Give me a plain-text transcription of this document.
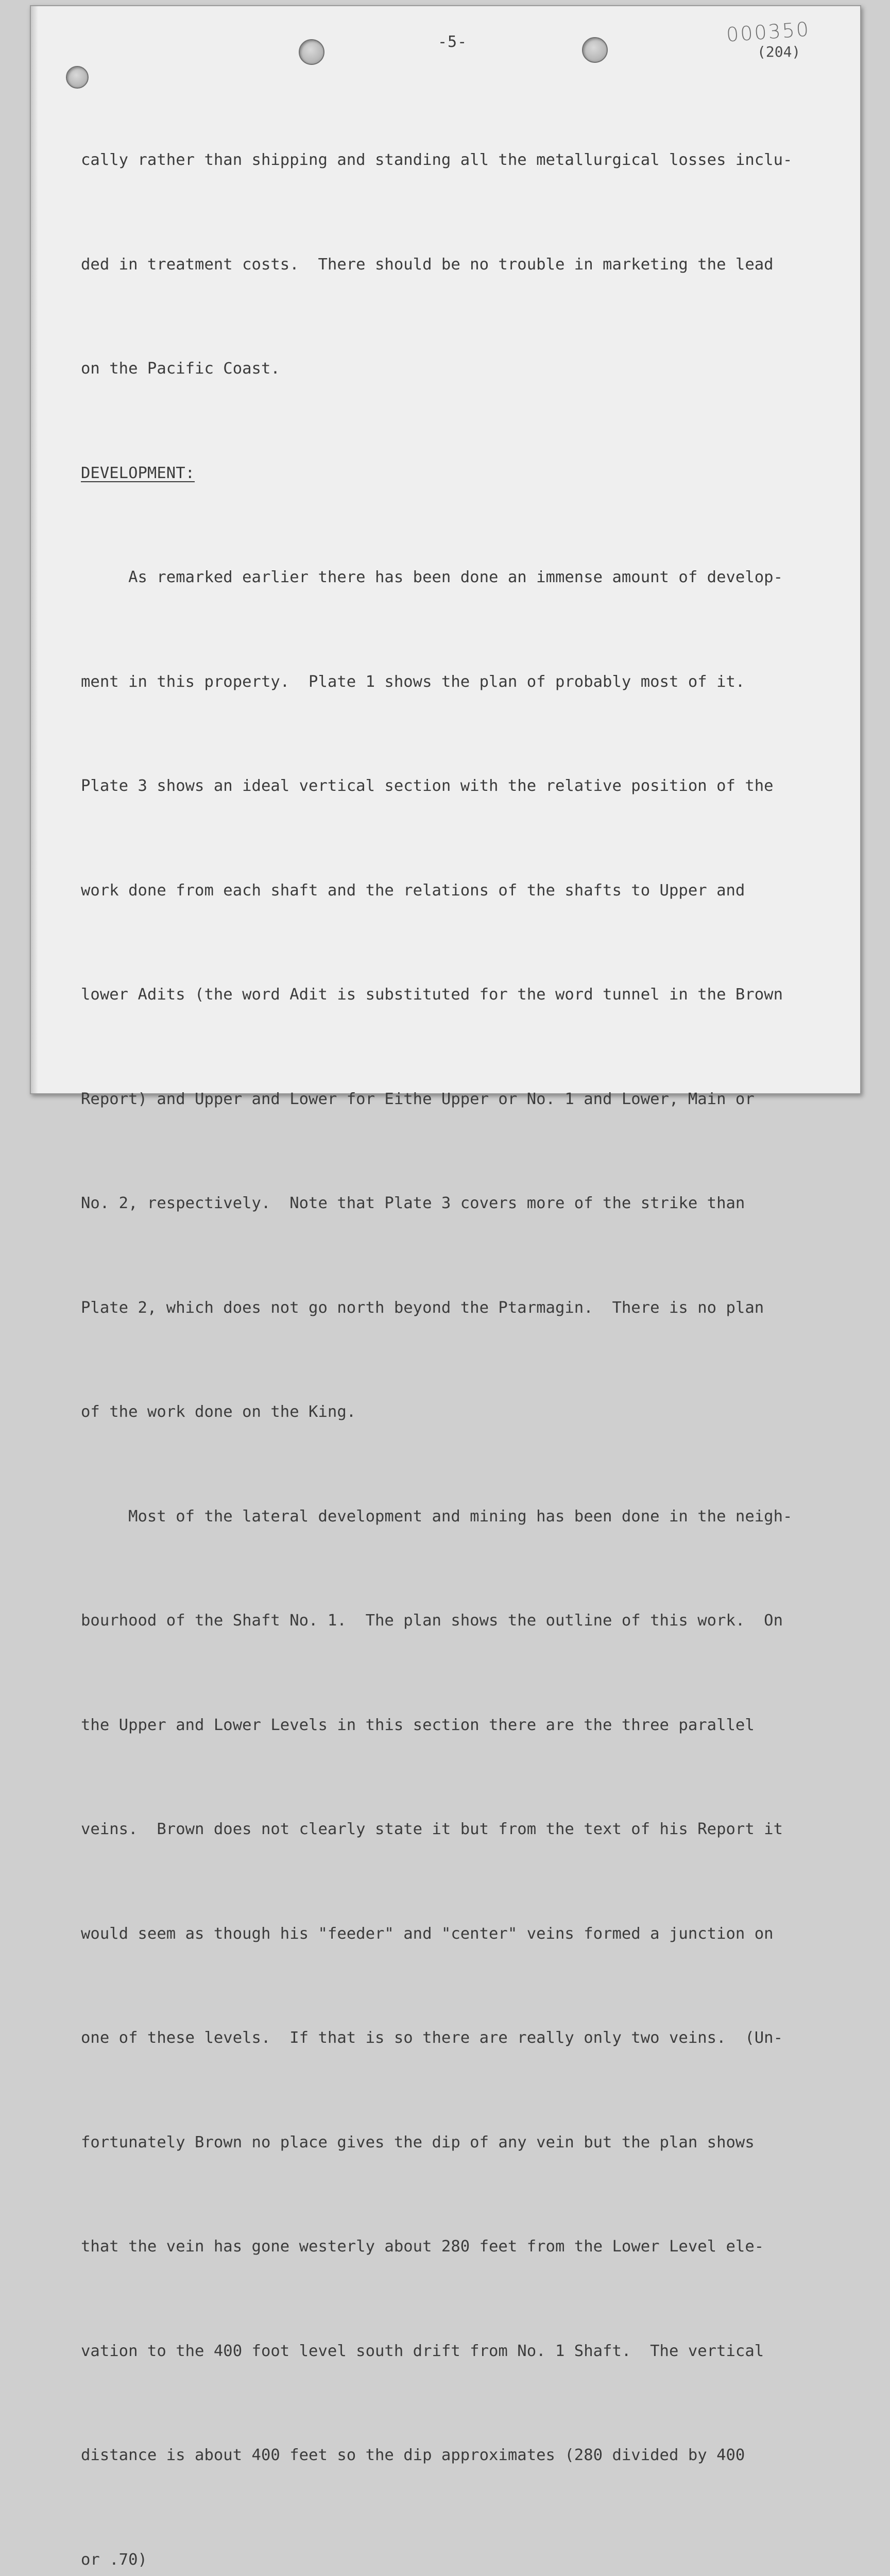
-5-	000350
(204)

cally rather than shipping and standing all the metallurgical losses inclu-

ded in treatment costs.  There should be no trouble in marketing the lead

on the Pacific Coast.

DEVELOPMENT:

As remarked earlier there has been done an immense amount of develop-

ment in this property.  Plate 1 shows the plan of probably most of it.

Plate 3 shows an ideal vertical section with the relative position of the

work done from each shaft and the relations of the shafts to Upper and

lower Adits (the word Adit is substituted for the word tunnel in the Brown

Report) and Upper and Lower for Eithe Upper or No. 1 and Lower, Main or

No. 2, respectively.  Note that Plate 3 covers more of the strike than

Plate 2, which does not go north beyond the Ptarmagin.  There is no plan

of the work done on the King.

Most of the lateral development and mining has been done in the neigh-

bourhood of the Shaft No. 1.  The plan shows the outline of this work.  On

the Upper and Lower Levels in this section there are the three parallel

veins.  Brown does not clearly state it but from the text of his Report it

would seem as though his "feeder" and "center" veins formed a junction on

one of these levels.  If that is so there are really only two veins.  (Un-

fortunately Brown no place gives the dip of any vein but the plan shows

that the vein has gone westerly about 280 feet from the Lower Level ele-

vation to the 400 foot level south drift from No. 1 Shaft.  The vertical

distance is about 400 feet so the dip approximates (280 divided by 400

or .70)
